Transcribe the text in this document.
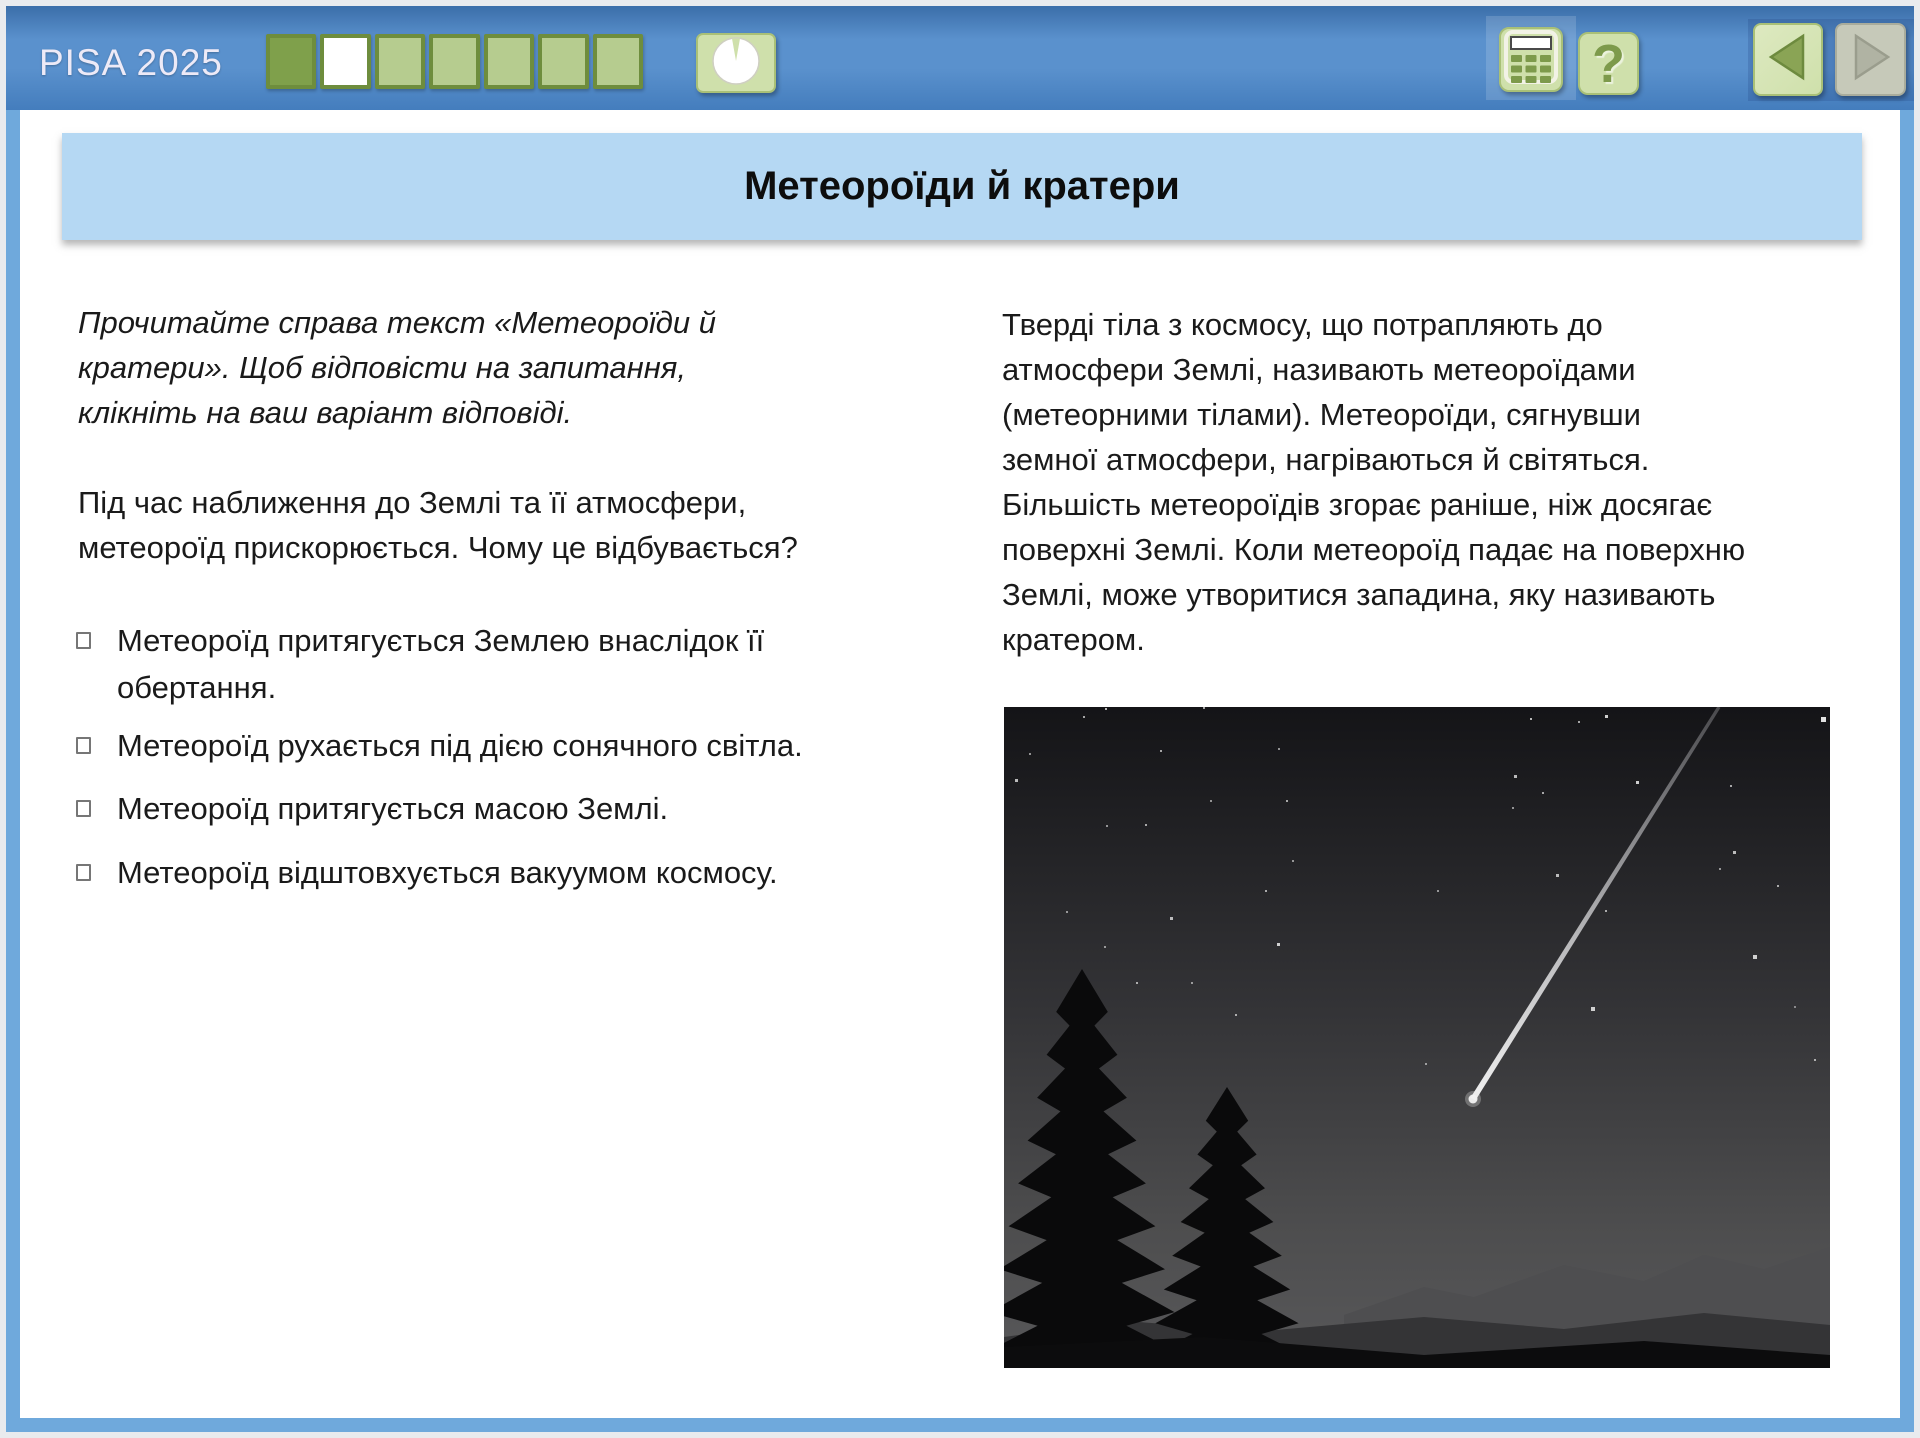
PISA 2025	?
Метеороїди й кратери
Прочитайте справа текст «Метеороїди й
кратери». Щоб відповісти на запитання,
клікніть на ваш варіант відповіді.
Під час наближення до Землі та її атмосфери,
метеороїд прискорюється. Чому це відбувається?
Метеороїд притягується Землею внаслідок її
обертання.
Метеороїд рухається під дією сонячного світла.
Метеороїд притягується масою Землі.
Метеороїд відштовхується вакуумом космосу.
Тверді тіла з космосу, що потрапляють до
атмосфери Землі, називають метеороїдами
(метеорними тілами). Метеороїди, сягнувши
земної атмосфери, нагріваються й світяться.
Більшість метеороїдів згорає раніше, ніж досягає
поверхні Землі. Коли метеороїд падає на поверхню
Землі, може утворитися западина, яку називають
кратером.
